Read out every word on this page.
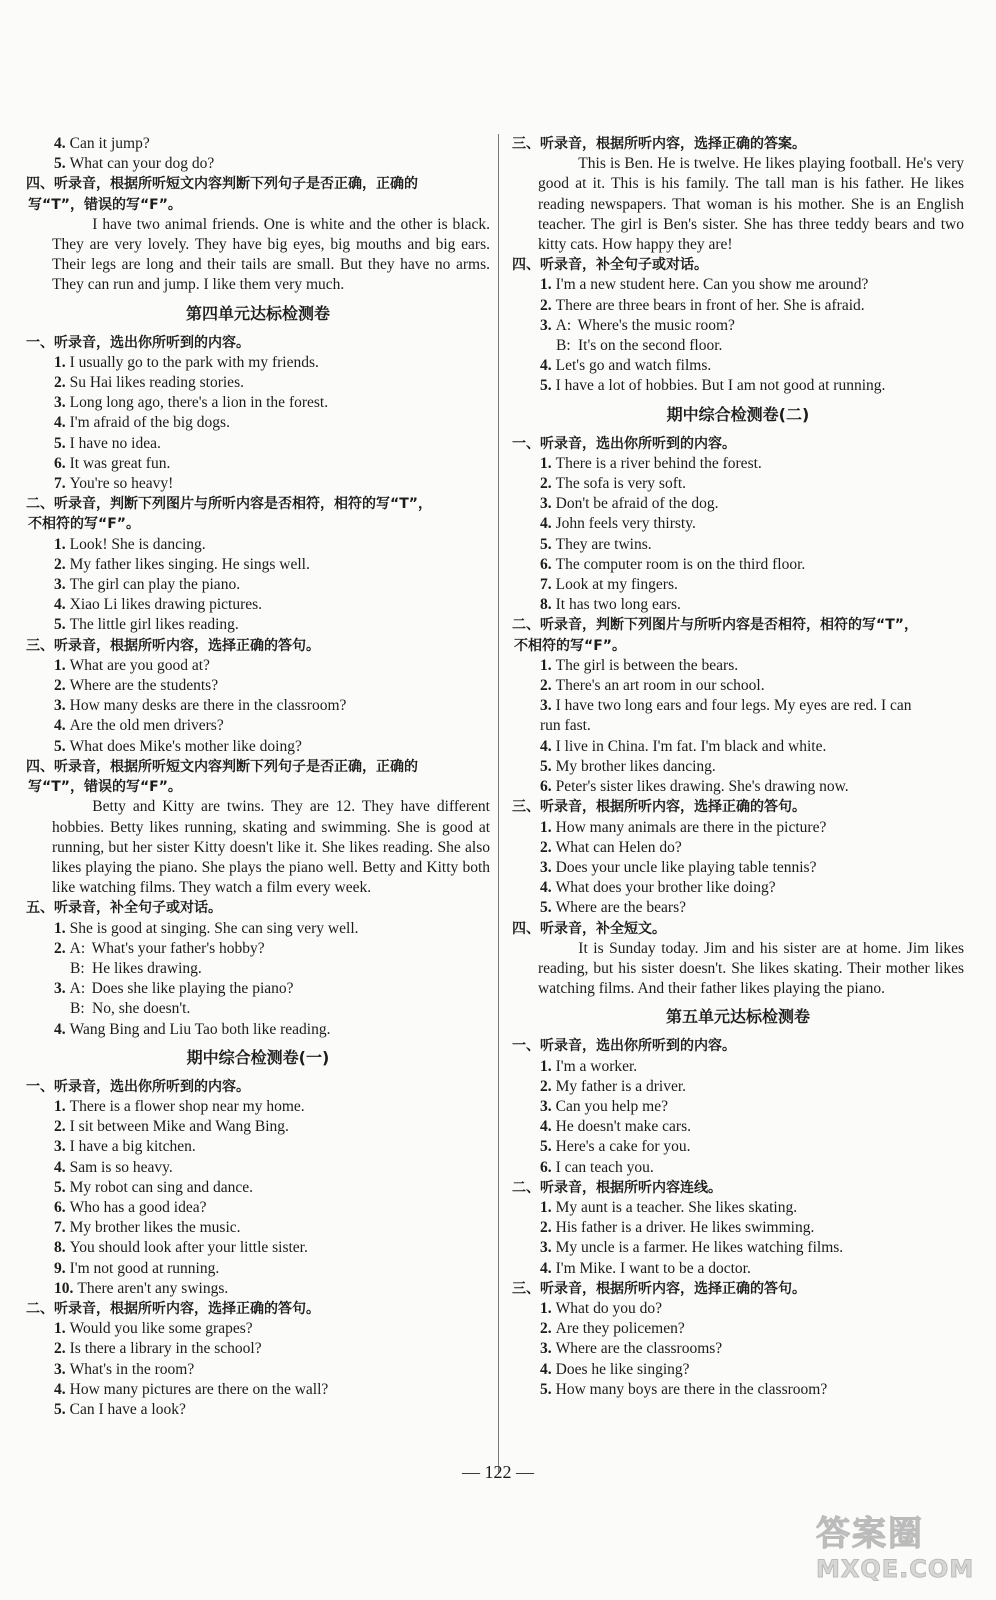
4. Can it jump?
5. What can your dog do?
四、听录音，根据所听短文内容判断下列句子是否正确，正确的
写“T”，错误的写“F”。
I have two animal friends. One is white and the other is black. They are very lovely. They have big eyes, big mouths and big ears. Their legs are long and their tails are small. But they have no arms. They can run and jump. I like them very much.
第四单元达标检测卷
一、听录音，选出你所听到的内容。
1. I usually go to the park with my friends.
2. Su Hai likes reading stories.
3. Long long ago, there's a lion in the forest.
4. I'm afraid of the big dogs.
5. I have no idea.
6. It was great fun.
7. You're so heavy!
二、听录音，判断下列图片与所听内容是否相符，相符的写“T”，
不相符的写“F”。
1. Look! She is dancing.
2. My father likes singing. He sings well.
3. The girl can play the piano.
4. Xiao Li likes drawing pictures.
5. The little girl likes reading.
三、听录音，根据所听内容，选择正确的答句。
1. What are you good at?
2. Where are the students?
3. How many desks are there in the classroom?
4. Are the old men drivers?
5. What does Mike's mother like doing?
四、听录音，根据所听短文内容判断下列句子是否正确，正确的
写“T”，错误的写“F”。
Betty and Kitty are twins. They are 12. They have different hobbies. Betty likes running, skating and swimming. She is good at running, but her sister Kitty doesn't like it. She likes reading. She also likes playing the piano. She plays the piano well. Betty and Kitty both like watching films. They watch a film every week.
五、听录音，补全句子或对话。
1. She is good at singing. She can sing very well.
2. A: What's your father's hobby?
B: He likes drawing.
3. A: Does she like playing the piano?
B: No, she doesn't.
4. Wang Bing and Liu Tao both like reading.
期中综合检测卷(一)
一、听录音，选出你所听到的内容。
1. There is a flower shop near my home.
2. I sit between Mike and Wang Bing.
3. I have a big kitchen.
4. Sam is so heavy.
5. My robot can sing and dance.
6. Who has a good idea?
7. My brother likes the music.
8. You should look after your little sister.
9. I'm not good at running.
10. There aren't any swings.
二、听录音，根据所听内容，选择正确的答句。
1. Would you like some grapes?
2. Is there a library in the school?
3. What's in the room?
4. How many pictures are there on the wall?
5. Can I have a look?
三、听录音，根据所听内容，选择正确的答案。
This is Ben. He is twelve. He likes playing football. He's very good at it. This is his family. The tall man is his father. He likes reading newspapers. That woman is his mother. She is an English teacher. The girl is Ben's sister. She has three teddy bears and two kitty cats. How happy they are!
四、听录音，补全句子或对话。
1. I'm a new student here. Can you show me around?
2. There are three bears in front of her. She is afraid.
3. A: Where's the music room?
B: It's on the second floor.
4. Let's go and watch films.
5. I have a lot of hobbies. But I am not good at running.
期中综合检测卷(二)
一、听录音，选出你所听到的内容。
1. There is a river behind the forest.
2. The sofa is very soft.
3. Don't be afraid of the dog.
4. John feels very thirsty.
5. They are twins.
6. The computer room is on the third floor.
7. Look at my fingers.
8. It has two long ears.
二、听录音，判断下列图片与所听内容是否相符，相符的写“T”，
不相符的写“F”。
1. The girl is between the bears.
2. There's an art room in our school.
3. I have two long ears and four legs. My eyes are red. I can
run fast.
4. I live in China. I'm fat. I'm black and white.
5. My brother likes dancing.
6. Peter's sister likes drawing. She's drawing now.
三、听录音，根据所听内容，选择正确的答句。
1. How many animals are there in the picture?
2. What can Helen do?
3. Does your uncle like playing table tennis?
4. What does your brother like doing?
5. Where are the bears?
四、听录音，补全短文。
It is Sunday today. Jim and his sister are at home. Jim likes reading, but his sister doesn't. She likes skating. Their mother likes watching films. And their father likes playing the piano.
第五单元达标检测卷
一、听录音，选出你所听到的内容。
1. I'm a worker.
2. My father is a driver.
3. Can you help me?
4. He doesn't make cars.
5. Here's a cake for you.
6. I can teach you.
二、听录音，根据所听内容连线。
1. My aunt is a teacher. She likes skating.
2. His father is a driver. He likes swimming.
3. My uncle is a farmer. He likes watching films.
4. I'm Mike. I want to be a doctor.
三、听录音，根据所听内容，选择正确的答句。
1. What do you do?
2. Are they policemen?
3. Where are the classrooms?
4. Does he like singing?
5. How many boys are there in the classroom?
— 122 —
答案圈
MXQE.COM
